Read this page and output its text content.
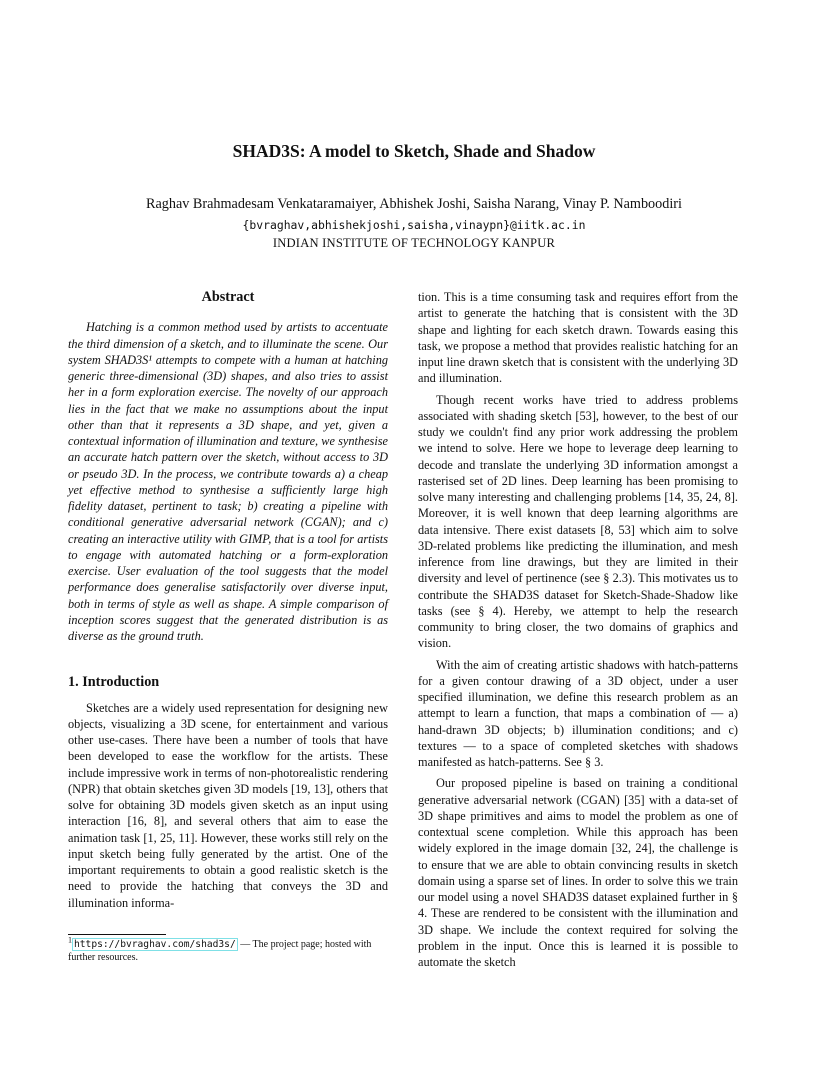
SHAD3S: A model to Sketch, Shade and Shadow
Raghav Brahmadesam Venkataramaiyer, Abhishek Joshi, Saisha Narang, Vinay P. Namboodiri
{bvraghav,abhishekjoshi,saisha,vinaypn}@iitk.ac.in
INDIAN INSTITUTE OF TECHNOLOGY KANPUR
Abstract

Hatching is a common method used by artists to accentuate the third dimension of a sketch, and to illuminate the scene. Our system SHAD3S¹ attempts to compete with a human at hatching generic three-dimensional (3D) shapes, and also tries to assist her in a form exploration exercise. The novelty of our approach lies in the fact that we make no assumptions about the input other than that it represents a 3D shape, and yet, given a contextual information of illumination and texture, we synthesise an accurate hatch pattern over the sketch, without access to 3D or pseudo 3D. In the process, we contribute towards a) a cheap yet effective method to synthesise a sufficiently large high fidelity dataset, pertinent to task; b) creating a pipeline with conditional generative adversarial network (CGAN); and c) creating an interactive utility with GIMP, that is a tool for artists to engage with automated hatching or a form-exploration exercise. User evaluation of the tool suggests that the model performance does generalise satisfactorily over diverse input, both in terms of style as well as shape. A simple comparison of inception scores suggest that the generated distribution is as diverse as the ground truth.

1. Introduction

Sketches are a widely used representation for designing new objects, visualizing a 3D scene, for entertainment and various other use-cases. There have been a number of tools that have been developed to ease the workflow for the artists. These include impressive work in terms of non-photorealistic rendering (NPR) that obtain sketches given 3D models [19, 13], others that solve for obtaining 3D models given sketch as an input using interaction [16, 8], and several others that aim to ease the animation task [1, 25, 11]. However, these works still rely on the input sketch being fully generated by the artist. One of the important requirements to obtain a good realistic sketch is the need to provide the hatching that conveys the 3D and illumination informa-

tion. This is a time consuming task and requires effort from the artist to generate the hatching that is consistent with the 3D shape and lighting for each sketch drawn. Towards easing this task, we propose a method that provides realistic hatching for an input line drawn sketch that is consistent with the underlying 3D and illumination.

Though recent works have tried to address problems associated with shading sketch [53], however, to the best of our study we couldn't find any prior work addressing the problem we intend to solve. Here we hope to leverage deep learning to decode and translate the underlying 3D information amongst a rasterised set of 2D lines. Deep learning has been promising to solve many interesting and challenging problems [14, 35, 24, 8]. Moreover, it is well known that deep learning algorithms are data intensive. There exist datasets [8, 53] which aim to solve 3D-related problems like predicting the illumination, and mesh inference from line drawings, but they are limited in their diversity and level of pertinence (see § 2.3). This motivates us to contribute the SHAD3S dataset for Sketch-Shade-Shadow like tasks (see § 4). Hereby, we attempt to help the research community to bring closer, the two domains of graphics and vision.

With the aim of creating artistic shadows with hatch-patterns for a given contour drawing of a 3D object, under a user specified illumination, we define this research problem as an attempt to learn a function, that maps a combination of — a) hand-drawn 3D objects; b) illumination conditions; and c) textures — to a space of completed sketches with shadows manifested as hatch-patterns. See § 3.

Our proposed pipeline is based on training a conditional generative adversarial network (CGAN) [35] with a data-set of 3D shape primitives and aims to model the problem as one of contextual scene completion. While this approach has been widely explored in the image domain [32, 24], the challenge is to ensure that we are able to obtain convincing results in sketch domain using a sparse set of lines. In order to solve this we train our model using a novel SHAD3S dataset explained further in § 4. These are rendered to be consistent with the illumination and 3D shape. We include the context required for solving the problem in the input. Once this is learned it is possible to automate the sketch

$^1$ https://bvraghav.com/shad3s/ — The project page; hosted with further resources.
